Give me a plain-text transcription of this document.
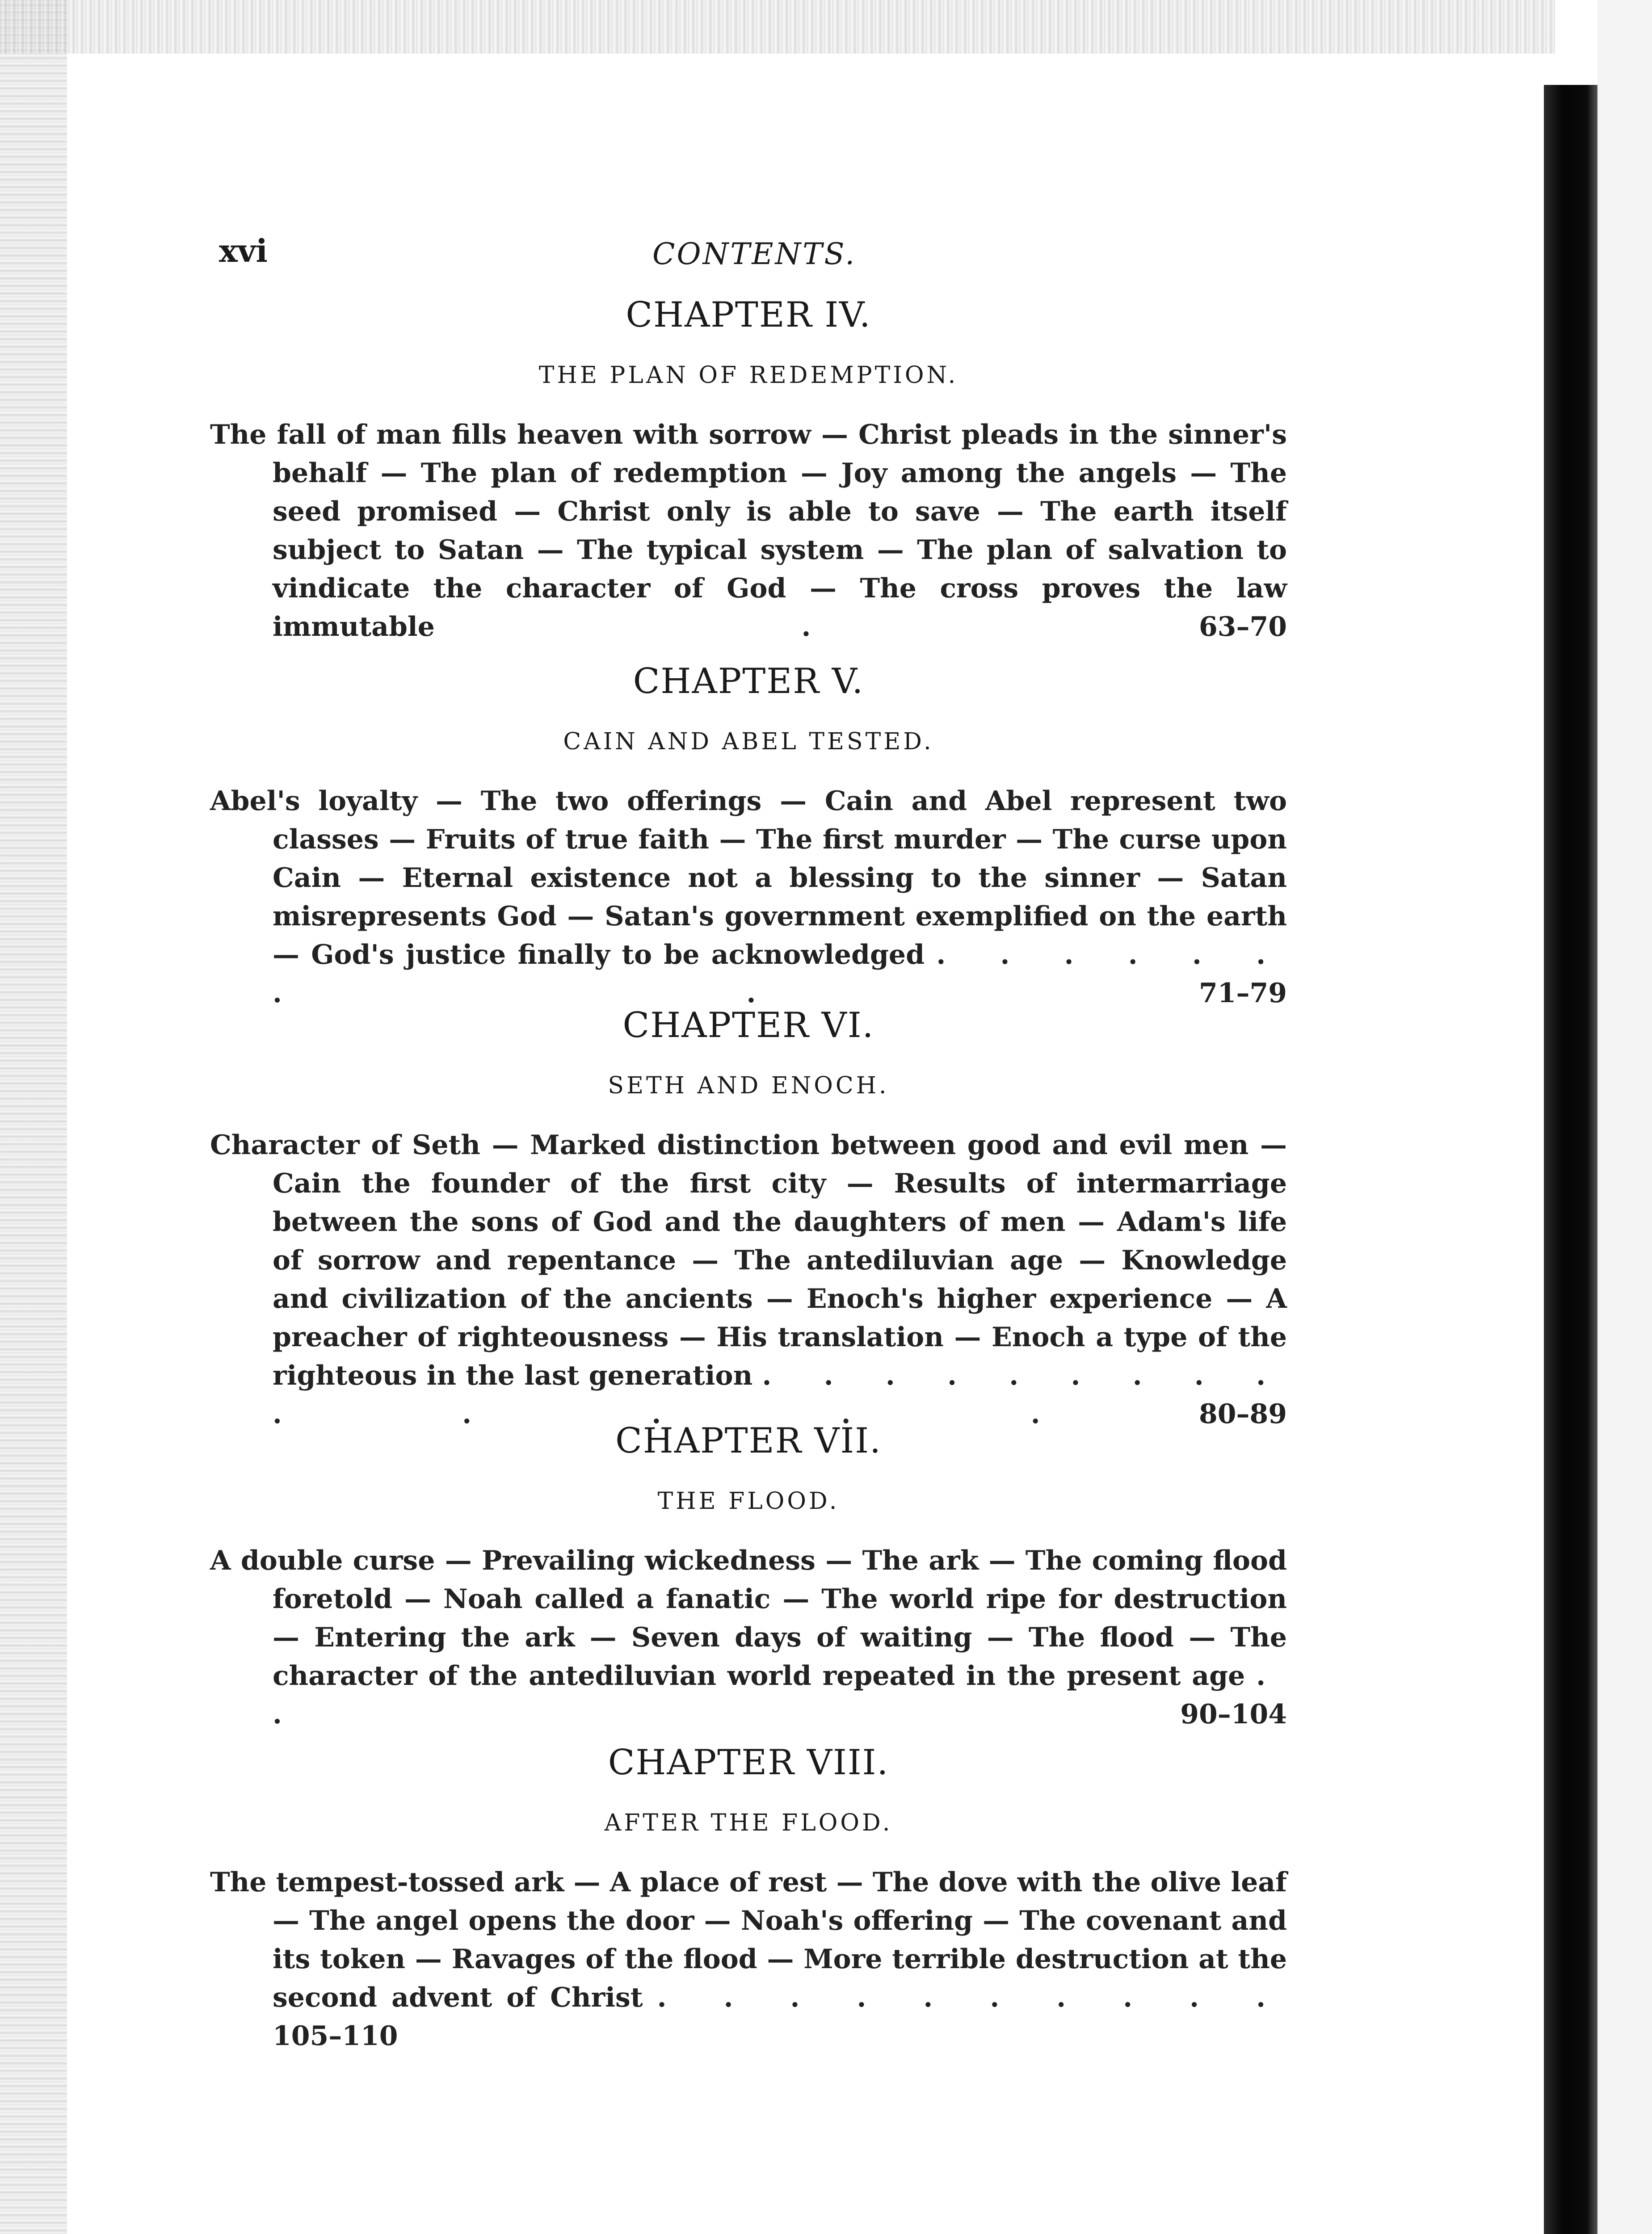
xvi	CONTENTS.
CHAPTER IV.
THE PLAN OF REDEMPTION.

The fall of man fills heaven with sorrow — Christ pleads in the sinner's behalf — The plan of redemption — Joy among the angels — The seed promised — Christ only is able to save — The earth itself subject to Satan — The typical system — The plan of salvation to vindicate the character of God — The cross proves the law immutable	.	63–70

CHAPTER V.
CAIN AND ABEL TESTED.

Abel's loyalty — The two offerings — Cain and Abel represent two classes — Fruits of true faith — The first murder — The curse upon Cain — Eternal existence not a blessing to the sinner — Satan misrepresents God — Satan's government exemplified on the earth — God's justice finally to be acknowledged . . . . . . . .	71–79

CHAPTER VI.
SETH AND ENOCH.

Character of Seth — Marked distinction between good and evil men — Cain the founder of the first city — Results of intermarriage between the sons of God and the daughters of men — Adam's life of sorrow and repentance — The antediluvian age — Knowledge and civilization of the ancients — Enoch's higher experience — A preacher of righteousness — His translation — Enoch a type of the righteous in the last generation . . . . . . . . . . . . . .	80–89

CHAPTER VII.
THE FLOOD.

A double curse — Prevailing wickedness — The ark — The coming flood foretold — Noah called a fanatic — The world ripe for destruction — Entering the ark — Seven days of waiting — The flood — The character of the antediluvian world repeated in the present age . .	90–104

CHAPTER VIII.
AFTER THE FLOOD.

The tempest-tossed ark — A place of rest — The dove with the olive leaf — The angel opens the door — Noah's offering — The covenant and its token — Ravages of the flood — More terrible destruction at the second advent of Christ . . . . . . . . . . 105–110
